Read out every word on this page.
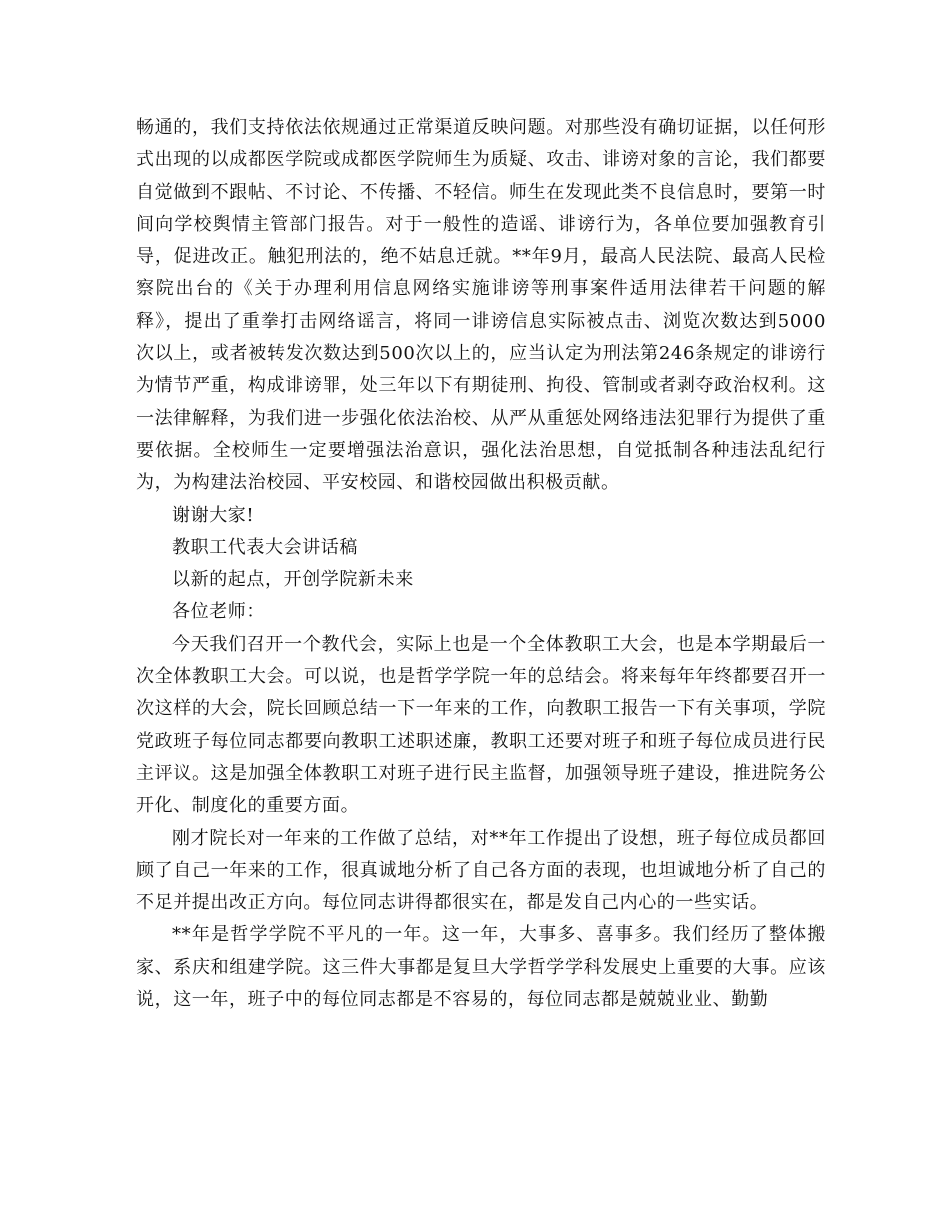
畅通的，我们支持依法依规通过正常渠道反映问题。对那些没有确切证据，以任何形式出现的以成都医学院或成都医学院师生为质疑、攻击、诽谤对象的言论，我们都要自觉做到不跟帖、不讨论、不传播、不轻信。师生在发现此类不良信息时，要第一时间向学校舆情主管部门报告。对于一般性的造谣、诽谤行为，各单位要加强教育引导，促进改正。触犯刑法的，绝不姑息迁就。**年9月，最高人民法院、最高人民检察院出台的《关于办理利用信息网络实施诽谤等刑事案件适用法律若干问题的解释》，提出了重拳打击网络谣言，将同一诽谤信息实际被点击、浏览次数达到5000次以上，或者被转发次数达到500次以上的，应当认定为刑法第246条规定的诽谤行为情节严重，构成诽谤罪，处三年以下有期徒刑、拘役、管制或者剥夺政治权利。这一法律解释，为我们进一步强化依法治校、从严从重惩处网络违法犯罪行为提供了重要依据。全校师生一定要增强法治意识，强化法治思想，自觉抵制各种违法乱纪行为，为构建法治校园、平安校园、和谐校园做出积极贡献。

谢谢大家!

教职工代表大会讲话稿

以新的起点，开创学院新未来

各位老师：

今天我们召开一个教代会，实际上也是一个全体教职工大会，也是本学期最后一次全体教职工大会。可以说，也是哲学学院一年的总结会。将来每年年终都要召开一次这样的大会，院长回顾总结一下一年来的工作，向教职工报告一下有关事项，学院党政班子每位同志都要向教职工述职述廉，教职工还要对班子和班子每位成员进行民主评议。这是加强全体教职工对班子进行民主监督，加强领导班子建设，推进院务公开化、制度化的重要方面。

刚才院长对一年来的工作做了总结，对**年工作提出了设想，班子每位成员都回顾了自己一年来的工作，很真诚地分析了自己各方面的表现，也坦诚地分析了自己的不足并提出改正方向。每位同志讲得都很实在，都是发自己内心的一些实话。

**年是哲学学院不平凡的一年。这一年，大事多、喜事多。我们经历了整体搬家、系庆和组建学院。这三件大事都是复旦大学哲学学科发展史上重要的大事。应该说，这一年，班子中的每位同志都是不容易的，每位同志都是兢兢业业、勤勤
